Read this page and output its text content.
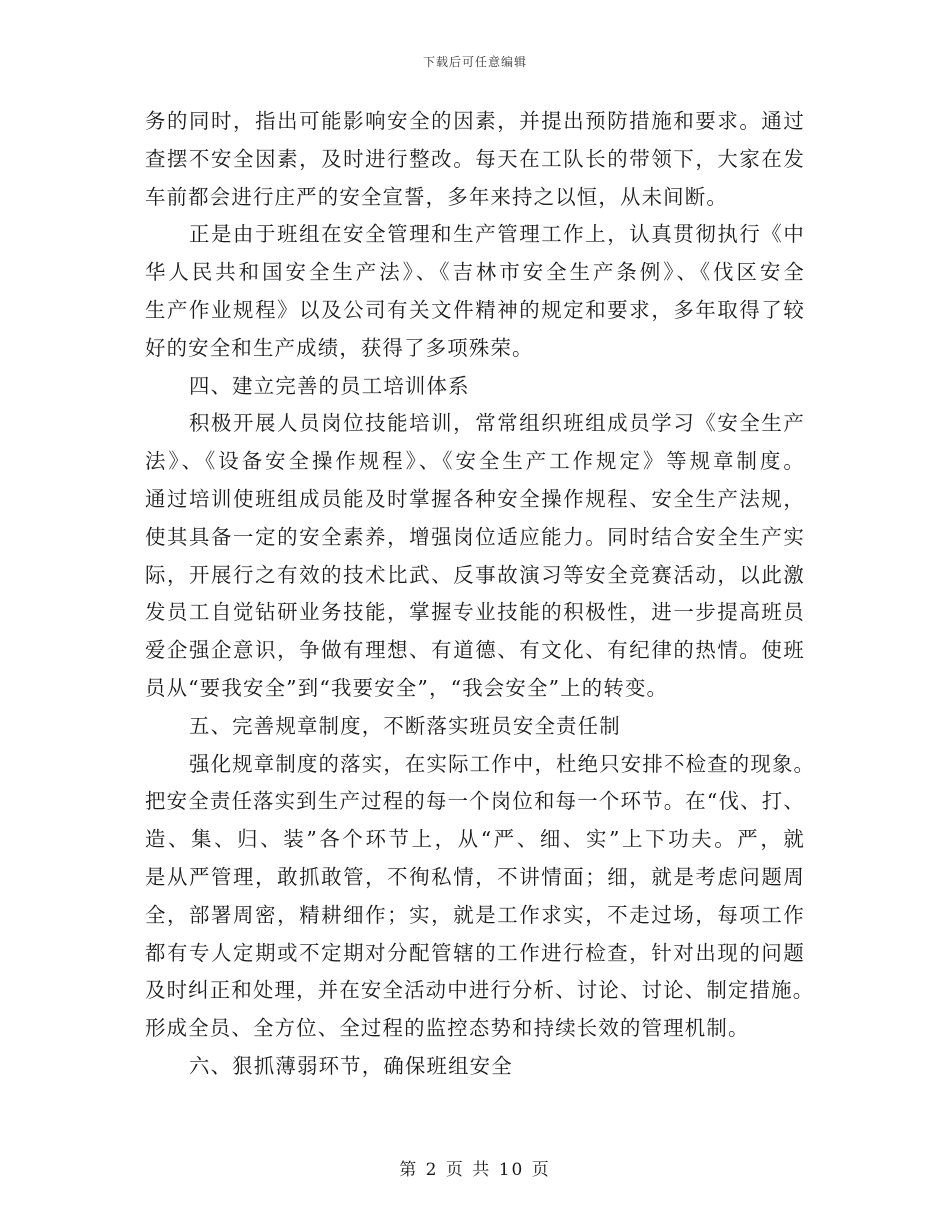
下载后可任意编辑
务的同时，指出可能影响安全的因素，并提出预防措施和要求。通过
查摆不安全因素，及时进行整改。每天在工队长的带领下，大家在发
车前都会进行庄严的安全宣誓，多年来持之以恒，从未间断。
正是由于班组在安全管理和生产管理工作上，认真贯彻执行《中
华人民共和国安全生产法》、《吉林市安全生产条例》、《伐区安全
生产作业规程》以及公司有关文件精神的规定和要求，多年取得了较
好的安全和生产成绩，获得了多项殊荣。
四、建立完善的员工培训体系
积极开展人员岗位技能培训，常常组织班组成员学习《安全生产
法》、《设备安全操作规程》、《安全生产工作规定》等规章制度。
通过培训使班组成员能及时掌握各种安全操作规程、安全生产法规，
使其具备一定的安全素养，增强岗位适应能力。同时结合安全生产实
际，开展行之有效的技术比武、反事故演习等安全竞赛活动，以此激
发员工自觉钻研业务技能，掌握专业技能的积极性，进一步提高班员
爱企强企意识，争做有理想、有道德、有文化、有纪律的热情。使班
员从“要我安全”到“我要安全”，“我会安全”上的转变。
五、完善规章制度，不断落实班员安全责任制
强化规章制度的落实，在实际工作中，杜绝只安排不检查的现象。
把安全责任落实到生产过程的每一个岗位和每一个环节。在“伐、打、
造、集、归、装”各个环节上，从“严、细、实”上下功夫。严，就
是从严管理，敢抓敢管，不徇私情，不讲情面；细，就是考虑问题周
全，部署周密，精耕细作；实，就是工作求实，不走过场，每项工作
都有专人定期或不定期对分配管辖的工作进行检查，针对出现的问题
及时纠正和处理，并在安全活动中进行分析、讨论、讨论、制定措施。
形成全员、全方位、全过程的监控态势和持续长效的管理机制。
六、狠抓薄弱环节，确保班组安全
第 2 页 共 10 页
